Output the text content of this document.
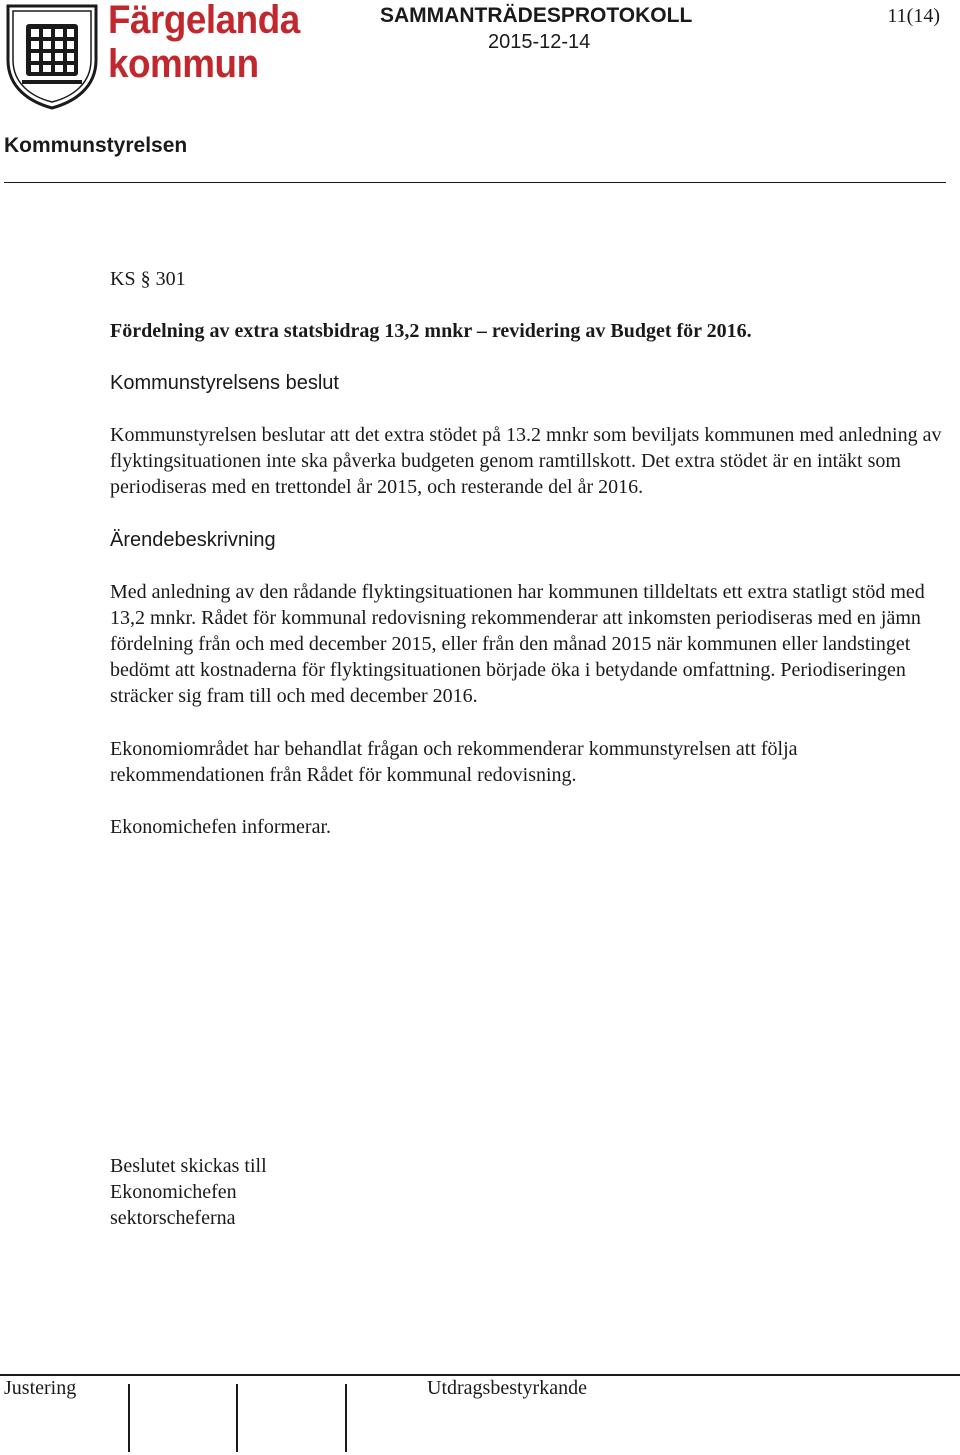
Färgelanda
kommun
SAMMANTRÄDESPROTOKOLL
2015-12-14
11(14)
Kommunstyrelsen
KS § 301
Fördelning av extra statsbidrag 13,2 mnkr – revidering av Budget för 2016.
Kommunstyrelsens beslut
Kommunstyrelsen beslutar att det extra stödet på 13.2 mnkr som beviljats kommunen med anledning av flyktingsituationen inte ska påverka budgeten genom ramtillskott. Det extra stödet är en intäkt som periodiseras med en trettondel år 2015, och resterande del år 2016.
Ärendebeskrivning
Med anledning av den rådande flyktingsituationen har kommunen tilldeltats ett extra statligt stöd med 13,2 mnkr. Rådet för kommunal redovisning rekommenderar att inkomsten periodiseras med en jämn fördelning från och med december 2015, eller från den månad 2015 när kommunen eller landstinget bedömt att kostnaderna för flyktingsituationen började öka i betydande omfattning. Periodiseringen sträcker sig fram till och med december 2016.
Ekonomiområdet har behandlat frågan och rekommenderar kommunstyrelsen att följa rekommendationen från Rådet för kommunal redovisning.
Ekonomichefen informerar.
Beslutet skickas till
Ekonomichefen
sektorscheferna
Justering	Utdragsbestyrkande
